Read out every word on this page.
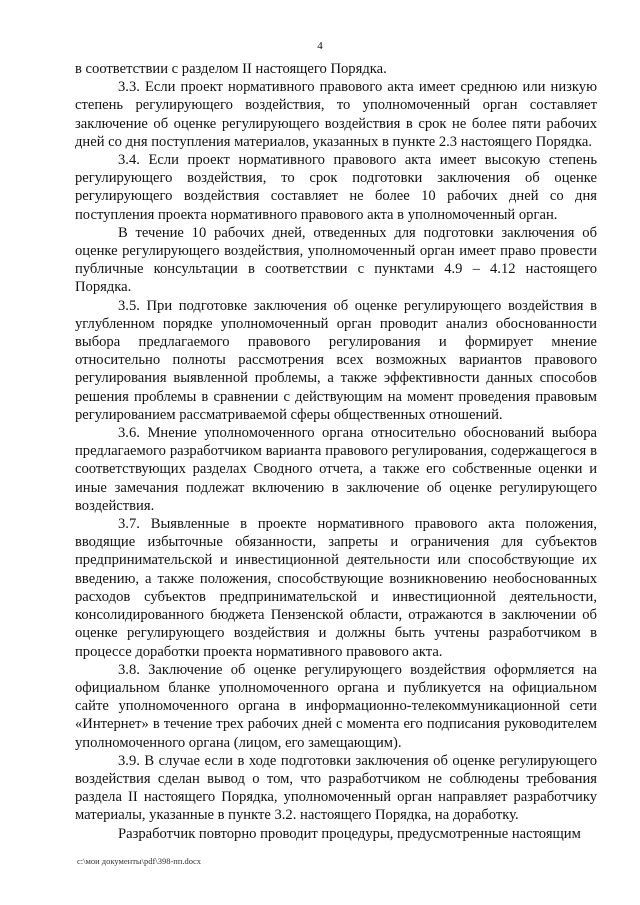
4

в соответствии с разделом II настоящего Порядка.

3.3. Если проект нормативного правового акта имеет среднюю или низкую степень регулирующего воздействия, то уполномоченный орган составляет заключение об оценке регулирующего воздействия в срок не более пяти рабочих дней со дня поступления материалов, указанных в пункте 2.3 настоящего Порядка.

3.4. Если проект нормативного правового акта имеет высокую степень регулирующего воздействия, то срок подготовки заключения об оценке регулирующего воздействия составляет не более 10 рабочих дней со дня поступления проекта нормативного правового акта в уполномоченный орган.

В течение 10 рабочих дней, отведенных для подготовки заключения об оценке регулирующего воздействия, уполномоченный орган имеет право провести публичные консультации в соответствии с пунктами 4.9 – 4.12 настоящего Порядка.

3.5. При подготовке заключения об оценке регулирующего воздействия в углубленном порядке уполномоченный орган проводит анализ обоснованности выбора предлагаемого правового регулирования и формирует мнение относительно полноты рассмотрения всех возможных вариантов правового регулирования выявленной проблемы, а также эффективности данных способов решения проблемы в сравнении с действующим на момент проведения правовым регулированием рассматриваемой сферы общественных отношений.

3.6. Мнение уполномоченного органа относительно обоснований выбора предлагаемого разработчиком варианта правового регулирования, содержащегося в соответствующих разделах Сводного отчета, а также его собственные оценки и иные замечания подлежат включению в заключение об оценке регулирующего воздействия.

3.7. Выявленные в проекте нормативного правового акта положения, вводящие избыточные обязанности, запреты и ограничения для субъектов предпринимательской и инвестиционной деятельности или способствующие их введению, а также положения, способствующие возникновению необоснованных расходов субъектов предпринимательской и инвестиционной деятельности, консолидированного бюджета Пензенской области, отражаются в заключении об оценке регулирующего воздействия и должны быть учтены разработчиком в процессе доработки проекта нормативного правового акта.

3.8. Заключение об оценке регулирующего воздействия оформляется на официальном бланке уполномоченного органа и публикуется на официальном сайте уполномоченного органа в информационно-телекоммуникационной сети «Интернет» в течение трех рабочих дней с момента его подписания руководителем уполномоченного органа (лицом, его замещающим).

3.9. В случае если в ходе подготовки заключения об оценке регулирующего воздействия сделан вывод о том, что разработчиком не соблюдены требования раздела II настоящего Порядка, уполномоченный орган направляет разработчику материалы, указанные в пункте 3.2. настоящего Порядка, на доработку.

Разработчик повторно проводит процедуры, предусмотренные настоящим

c:\мои документы\pdf\398-пп.docx
